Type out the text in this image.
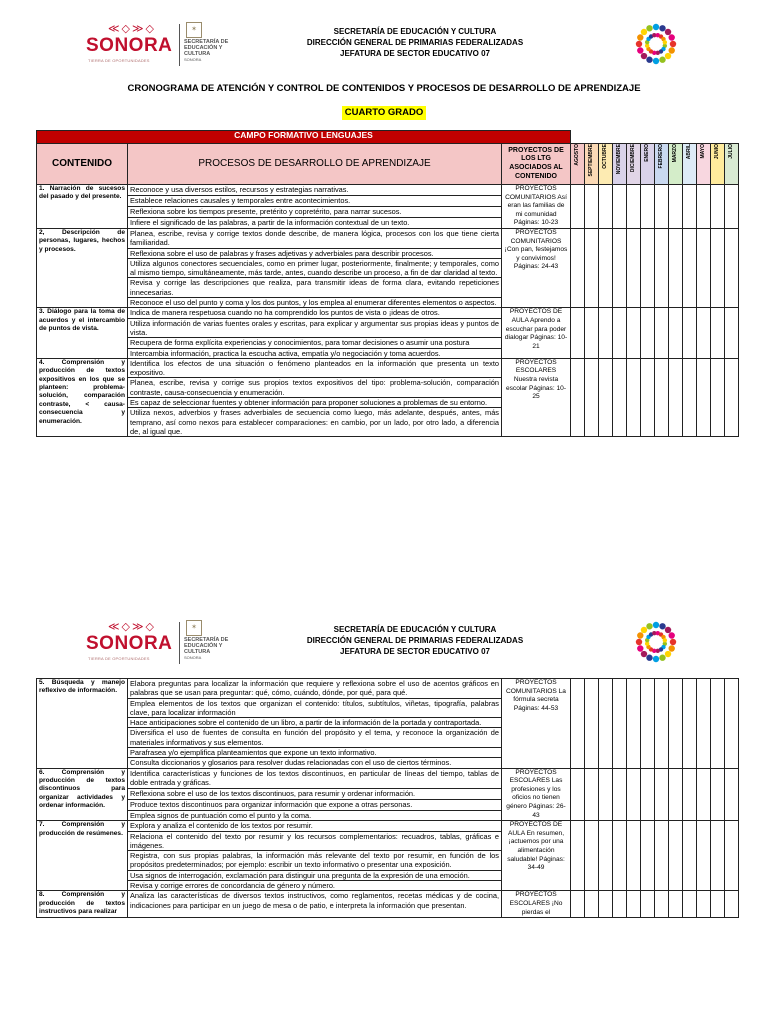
≪◇≫◇
SONORA
TIERRA DE OPORTUNIDADES
✶
SECRETARÍA DE
EDUCACIÓN Y CULTURA
SONORA
SECRETARÍA DE EDUCACIÓN Y CULTURA
DIRECCIÓN GENERAL DE PRIMARIAS FEDERALIZADAS
JEFATURA DE SECTOR EDUCATIVO 07
CRONOGRAMA DE ATENCIÓN Y CONTROL DE CONTENIDOS Y PROCESOS DE DESARROLLO DE APRENDIZAJE
CUARTO GRADO
CAMPO FORMATIVO LENGUAJES														
CONTENIDO	PROCESOS DE DESARROLLO DE APRENDIZAJE	PROYECTOS DE LOS LTG ASOCIADOS AL CONTENIDO	AGOSTO	SEPTIEMBRE	OCTUBRE	NOVIEMBRE	DICIEMBRE	ENERO	FEBRERO	MARZO	ABRIL	MAYO	JUNIO	JULIO

1. Narración de sucesos del pasado y del presente.	Reconoce y usa diversos estilos, recursos y estrategias narrativas.	PROYECTOS COMUNITARIOS Así eran las familias de mi comunidad Páginas: 10-23												
	Establece relaciones causales y temporales entre acontecimientos.													
	Reflexiona sobre los tiempos presente, pretérito y copretérito, para narrar sucesos.													
	Infiere el significado de las palabras, a partir de la información contextual de un texto.													
2, Descripción de personas, lugares, hechos y procesos.	Planea, escribe, revisa y corrige textos donde describe, de manera lógica, procesos con los que tiene cierta familiaridad.	PROYECTOS COMUNITARIOS ¡Con pan, festejamos y convivimos! Páginas: 24-43												
	Reflexiona sobre el uso de palabras y frases adjetivas y adverbiales para describir procesos.													
	Utiliza algunos conectores secuenciales, como en primer lugar, posteriormente, finalmente; y temporales, como al mismo tiempo, simultáneamente, más tarde, antes, cuando describe un proceso, a fin de dar claridad al texto.													
	Revisa y corrige las descripciones que realiza, para transmitir ideas de forma clara, evitando repeticiones innecesarias.													
	Reconoce el uso del punto y coma y los dos puntos, y los emplea al enumerar diferentes elementos o aspectos.													
3. Diálogo para la toma de acuerdos y el intercambio de puntos de vista.	Indica de manera respetuosa cuando no ha comprendido los puntos de vista o ¡ideas de otros.	PROYECTOS DE AULA Aprendo a escuchar para poder dialogar Páginas: 10-21												
	Utiliza información de varias fuentes orales y escritas, para explicar y argumentar sus propias ideas y puntos de vista.													
	Recupera de forma explícita experiencias y conocimientos, para tomar decisiones o asumir una postura													
	Intercambia información, practica la escucha activa, empatía y/o negociación y toma acuerdos.													
4. Comprensión y producción de textos expositivos en los que se planteen: problema-solución, comparación contraste, < causa-consecuencia y enumeración.	Identifica los efectos de una situación o fenómeno planteados en la información que presenta un texto expositivo.	PROYECTOS ESCOLARES Nuestra revista escolar Páginas: 10-25												
	Planea, escribe, revisa y corrige sus propios textos expositivos del tipo: problema-solución, comparación contraste, causa-consecuencia y enumeración.													
	Es capaz de seleccionar fuentes y obtener información para proponer soluciones a problemas de su entorno.													
	Utiliza nexos, adverbios y frases adverbiales de secuencia como luego, más adelante, después, antes, más temprano, así como nexos para establecer comparaciones: en cambio, por un lado, por otro lado, a diferencia de, al igual que.													
≪◇≫◇
SONORA
TIERRA DE OPORTUNIDADES
✶
SECRETARÍA DE
EDUCACIÓN Y CULTURA
SONORA
SECRETARÍA DE EDUCACIÓN Y CULTURA
DIRECCIÓN GENERAL DE PRIMARIAS FEDERALIZADAS
JEFATURA DE SECTOR EDUCATIVO 07
5. Búsqueda y manejo reflexivo de información.	Elabora preguntas para localizar la información que requiere y reflexiona sobre el uso de acentos gráficos en palabras que se usan para preguntar: qué, cómo, cuándo, dónde, por qué, para qué.	PROYECTOS COMUNITARIOS La fórmula secreta Páginas: 44-53												
	Emplea elementos de los textos que organizan el contenido: títulos, subtítulos, viñetas, tipografía, palabras clave, para localizar información													
	Hace anticipaciones sobre el contenido de un libro, a partir de la información de la portada y contraportada.													
	Diversifica el uso de fuentes de consulta en función del propósito y el tema, y reconoce la organización de materiales informativos y sus elementos.													
	Parafrasea y/o ejemplifica planteamientos que expone un texto informativo.													
	Consulta diccionarios y glosarios para resolver dudas relacionadas con el uso de ciertos términos.													
6. Comprensión y producción de textos discontinuos para organizar actividades y ordenar información.	Identifica características y funciones de los textos discontinuos, en particular de líneas del tiempo, tablas de doble entrada y gráficas.	PROYECTOS ESCOLARES Las profesiones y los oficios no tienen género Páginas: 26-43												
	Reflexiona sobre el uso de los textos discontinuos, para resumir y ordenar información.													
	Produce textos discontinuos para organizar información que expone a otras personas.													
	Emplea signos de puntuación como el punto y la coma.													
7. Comprensión y producción de resúmenes.	Explora y analiza el contenido de los textos por resumir.	PROYECTOS DE AULA En resumen, ¡actuemos por una alimentación saludable! Páginas: 34-49												
	Relaciona el contenido del texto por resumir y los recursos complementarios: recuadros, tablas, gráficas e imágenes.													
	Registra, con sus propias palabras, la información más relevante del texto por resumir, en función de los propósitos predeterminados; por ejemplo: escribir un texto informativo o presentar una exposición.													
	Usa signos de interrogación, exclamación para distinguir una pregunta de la expresión de una emoción.													
	Revisa y corrige errores de concordancia de género y número.													
8. Comprensión y producción de textos instructivos para realizar	Analiza las características de diversos textos instructivos, como reglamentos, recetas médicas y de cocina, indicaciones para participar en un juego de mesa o de patio, e interpreta la información que presentan.	PROYECTOS ESCOLARES ¡No pierdas el												
